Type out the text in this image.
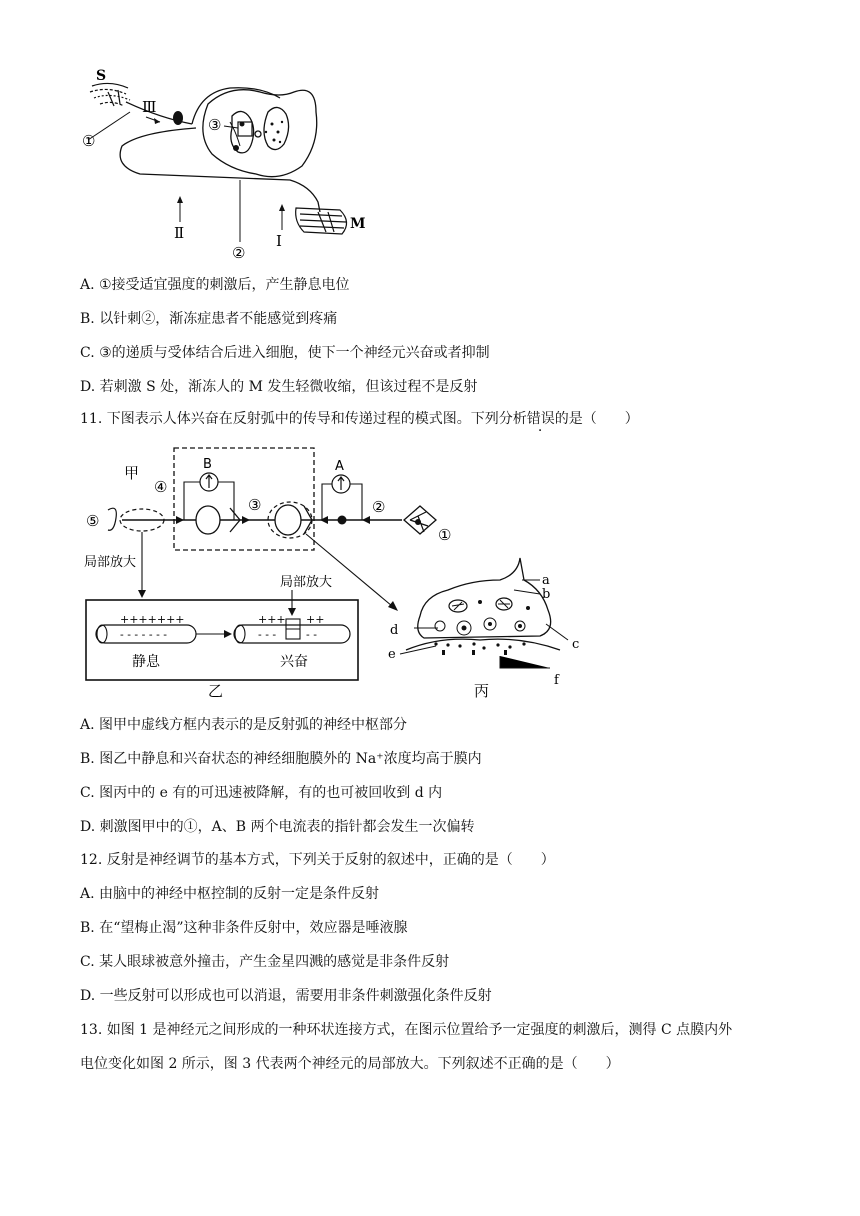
S
①
Ⅲ
③
Ⅱ
②
Ⅰ
M
A. ①接受适宜强度的刺激后，产生静息电位
B. 以针刺②，渐冻症患者不能感觉到疼痛
C. ③的递质与受体结合后进入细胞，使下一个神经元兴奋或者抑制
D. 若刺激 S 处，渐冻人的 M 发生轻微收缩，但该过程不是反射
11. 下图表示人体兴奋在反射弧中的传导和传递过程的模式图。下列分析错误的是（　　）
甲
④
⑤
③
B	A
②
①
局部放大
局部放大
+++++++
- - - - - - -
静息
+++ ++
- - -	- -
兴奋
乙
a
b
c
d
e
f
丙
A. 图甲中虚线方框内表示的是反射弧的神经中枢部分
B. 图乙中静息和兴奋状态的神经细胞膜外的 Na⁺浓度均高于膜内
C. 图丙中的 e 有的可迅速被降解，有的也可被回收到 d 内
D. 刺激图甲中的①，A、B 两个电流表的指针都会发生一次偏转
12. 反射是神经调节的基本方式，下列关于反射的叙述中，正确的是（　　）
A. 由脑中的神经中枢控制的反射一定是条件反射
B. 在“望梅止渴”这种非条件反射中，效应器是唾液腺
C. 某人眼球被意外撞击，产生金星四溅的感觉是非条件反射
D. 一些反射可以形成也可以消退，需要用非条件刺激强化条件反射
13. 如图 1 是神经元之间形成的一种环状连接方式，在图示位置给予一定强度的刺激后，测得 C 点膜内外
电位变化如图 2 所示，图 3 代表两个神经元的局部放大。下列叙述不正确的是（　　）
